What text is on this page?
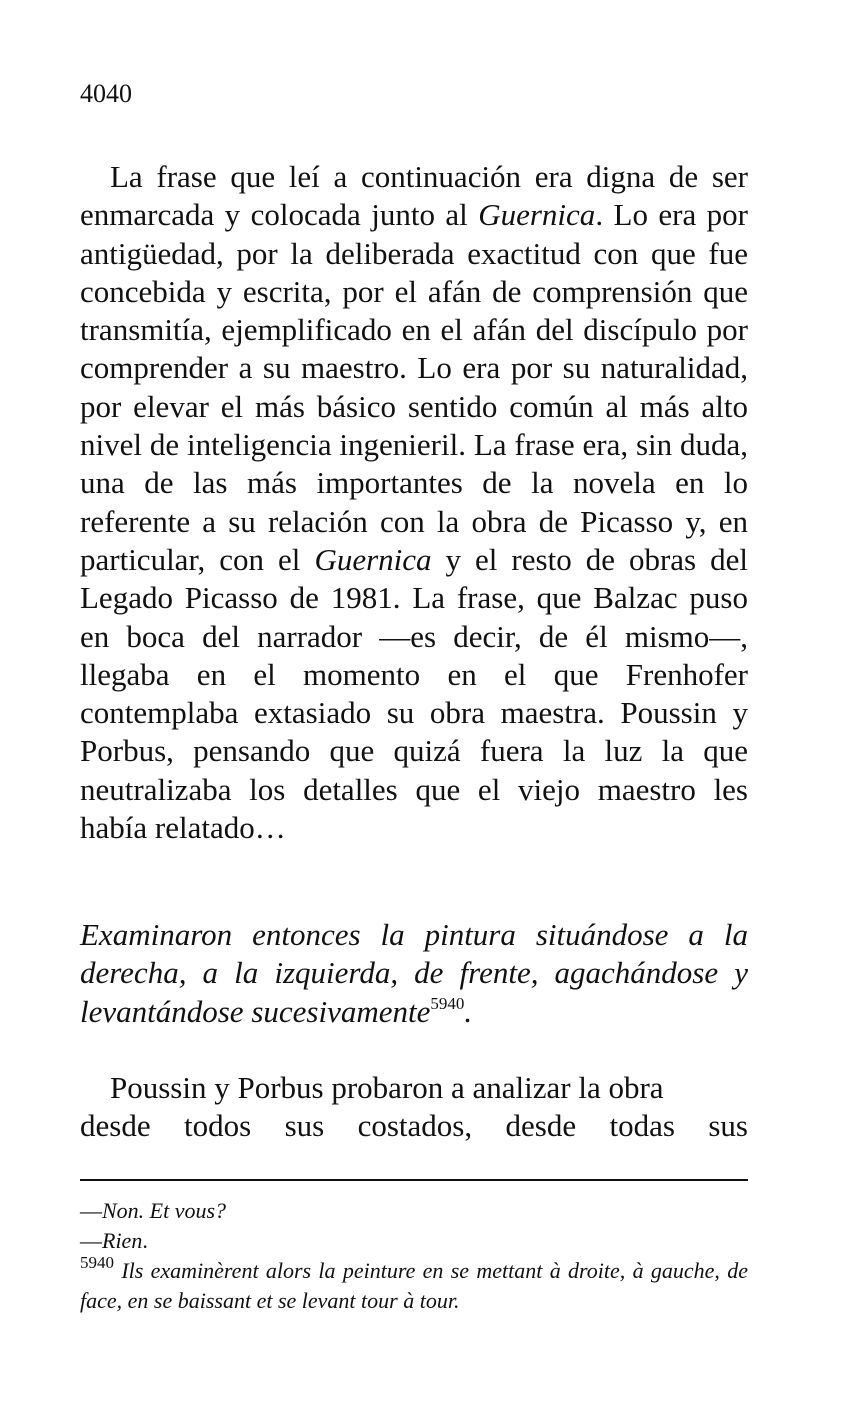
4040

La frase que leí a continuación era digna de ser enmarcada y colocada junto al Guernica. Lo era por antigüedad, por la deliberada exactitud con que fue concebida y escrita, por el afán de comprensión que transmitía, ejemplificado en el afán del discípulo por comprender a su maestro. Lo era por su naturalidad, por elevar el más básico sentido común al más alto nivel de inteligencia ingenieril. La frase era, sin duda, una de las más importantes de la novela en lo referente a su relación con la obra de Picasso y, en particular, con el Guernica y el resto de obras del Legado Picasso de 1981. La frase, que Balzac puso en boca del narrador —es decir, de él mismo—, llegaba en el momento en el que Frenhofer contemplaba extasiado su obra maestra. Poussin y Porbus, pensando que quizá fuera la luz la que neutralizaba los detalles que el viejo maestro les había relatado…

Examinaron entonces la pintura situándose a la derecha, a la izquierda, de frente, agachándose y levantándose sucesivamente$^{5940}$.

Poussin y Porbus probaron a analizar la obra
desde todos sus costados, desde todas sus

—Non. Et vous?
—Rien.
$^{5940}$ Ils examinèrent alors la peinture en se mettant à droite, à gauche, de face, en se baissant et se levant tour à tour.
